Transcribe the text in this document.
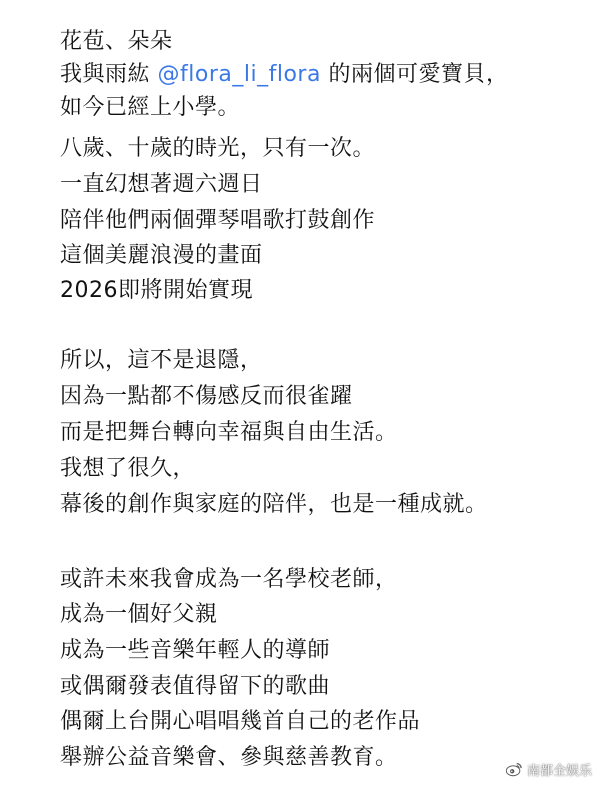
花苞、朵朵
我與雨紘 @flora_li_flora 的兩個可愛寶貝，
如今已經上小學。
八歲、十歲的時光，只有一次。
一直幻想著週六週日
陪伴他們兩個彈琴唱歌打鼓創作
這個美麗浪漫的畫面
2026即將開始實現
所以，這不是退隱，
因為一點都不傷感反而很雀躍
而是把舞台轉向幸福與自由生活。
我想了很久，
幕後的創作與家庭的陪伴，也是一種成就。
或許未來我會成為一名學校老師，
成為一個好父親
成為一些音樂年輕人的導師
或偶爾發表值得留下的歌曲
偶爾上台開心唱唱幾首自己的老作品
舉辦公益音樂會、參與慈善教育。
南都全娱乐
